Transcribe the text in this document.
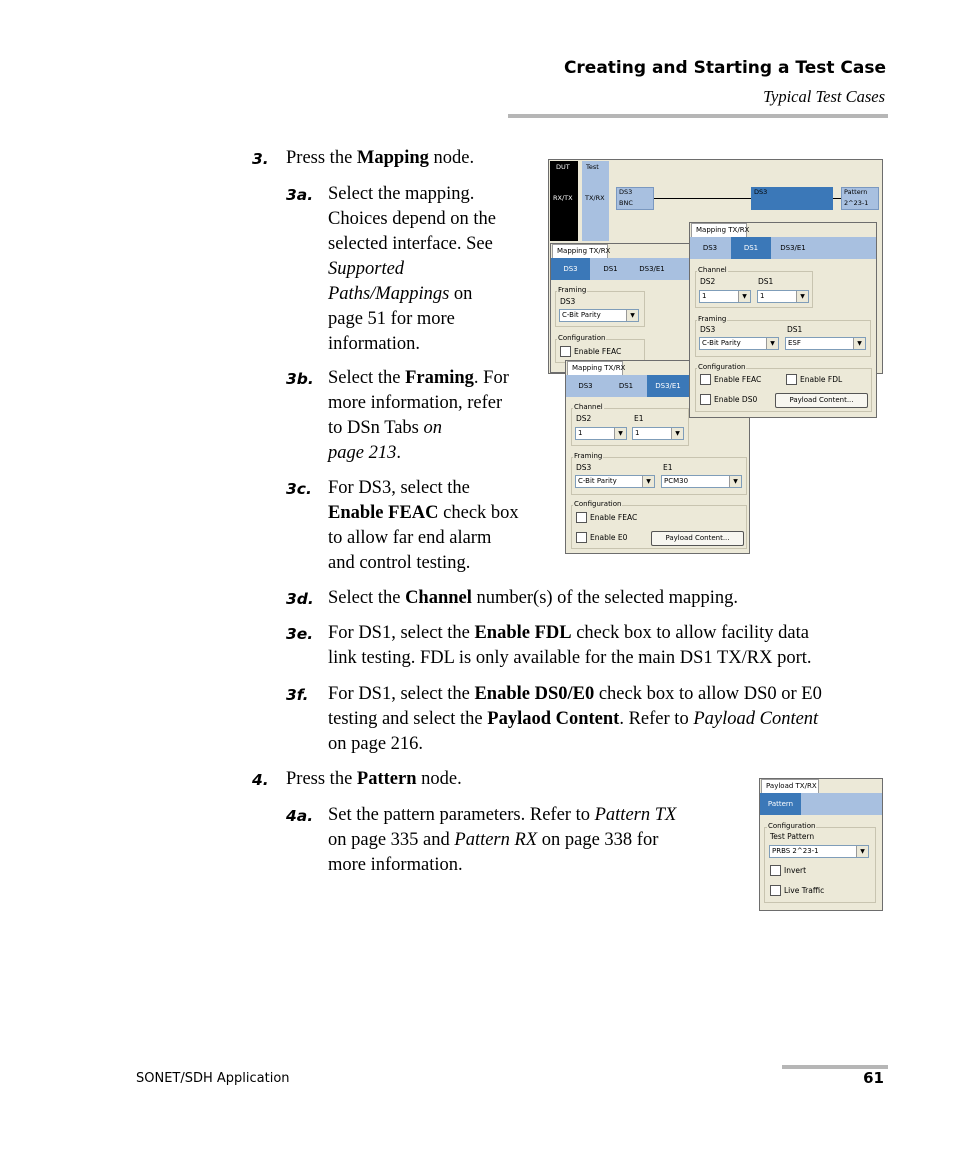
Creating and Starting a Test Case
Typical Test Cases
3. Press the Mapping node.
3a. Select the mapping.
Choices depend on the
selected interface. See
Supported
Paths/Mappings on
page 51 for more
information.
3b. Select the Framing. For
more information, refer
to DSn Tabs on
page 213.
3c. For DS3, select the
Enable FEAC check box
to allow far end alarm
and control testing.
3d. Select the Channel number(s) of the selected mapping.
3e. For DS1, select the Enable FDL check box to allow facility data
link testing. FDL is only available for the main DS1 TX/RX port.
3f. For DS1, select the Enable DS0/E0 check box to allow DS0 or E0
testing and select the Paylaod Content. Refer to Payload Content
on page 216.
4. Press the Pattern node.
4a. Set the pattern parameters. Refer to Pattern TX
on page 335 and Pattern RX on page 338 for
more information.
DUT
RX/TX
Test
TX/RX
DS3
BNC
DS3	Pattern
2^23-1
Mapping TX/RX
DS3	DS1	DS3/E1
Framing
DS3
C-Bit Parity	▼
Configuration
Enable FEAC
Mapping TX/RX
DS3	DS1	DS3/E1
Channel
DS2	E1
1	▼	1	▼
Framing
DS3	E1
C-Bit Parity	▼	PCM30	▼
Configuration
Enable FEAC
Enable E0	Payload Content...
Mapping TX/RX
DS3	DS1	DS3/E1
Channel
DS2	DS1
1	▼	1	▼
Framing
DS3	DS1
C-Bit Parity	▼	ESF	▼
Configuration
Enable FEAC	Enable FDL
Enable DS0	Payload Content...
Payload TX/RX
Pattern
Configuration
Test Pattern
PRBS 2^23-1	▼
Invert
Live Traffic
SONET/SDH Application	61
